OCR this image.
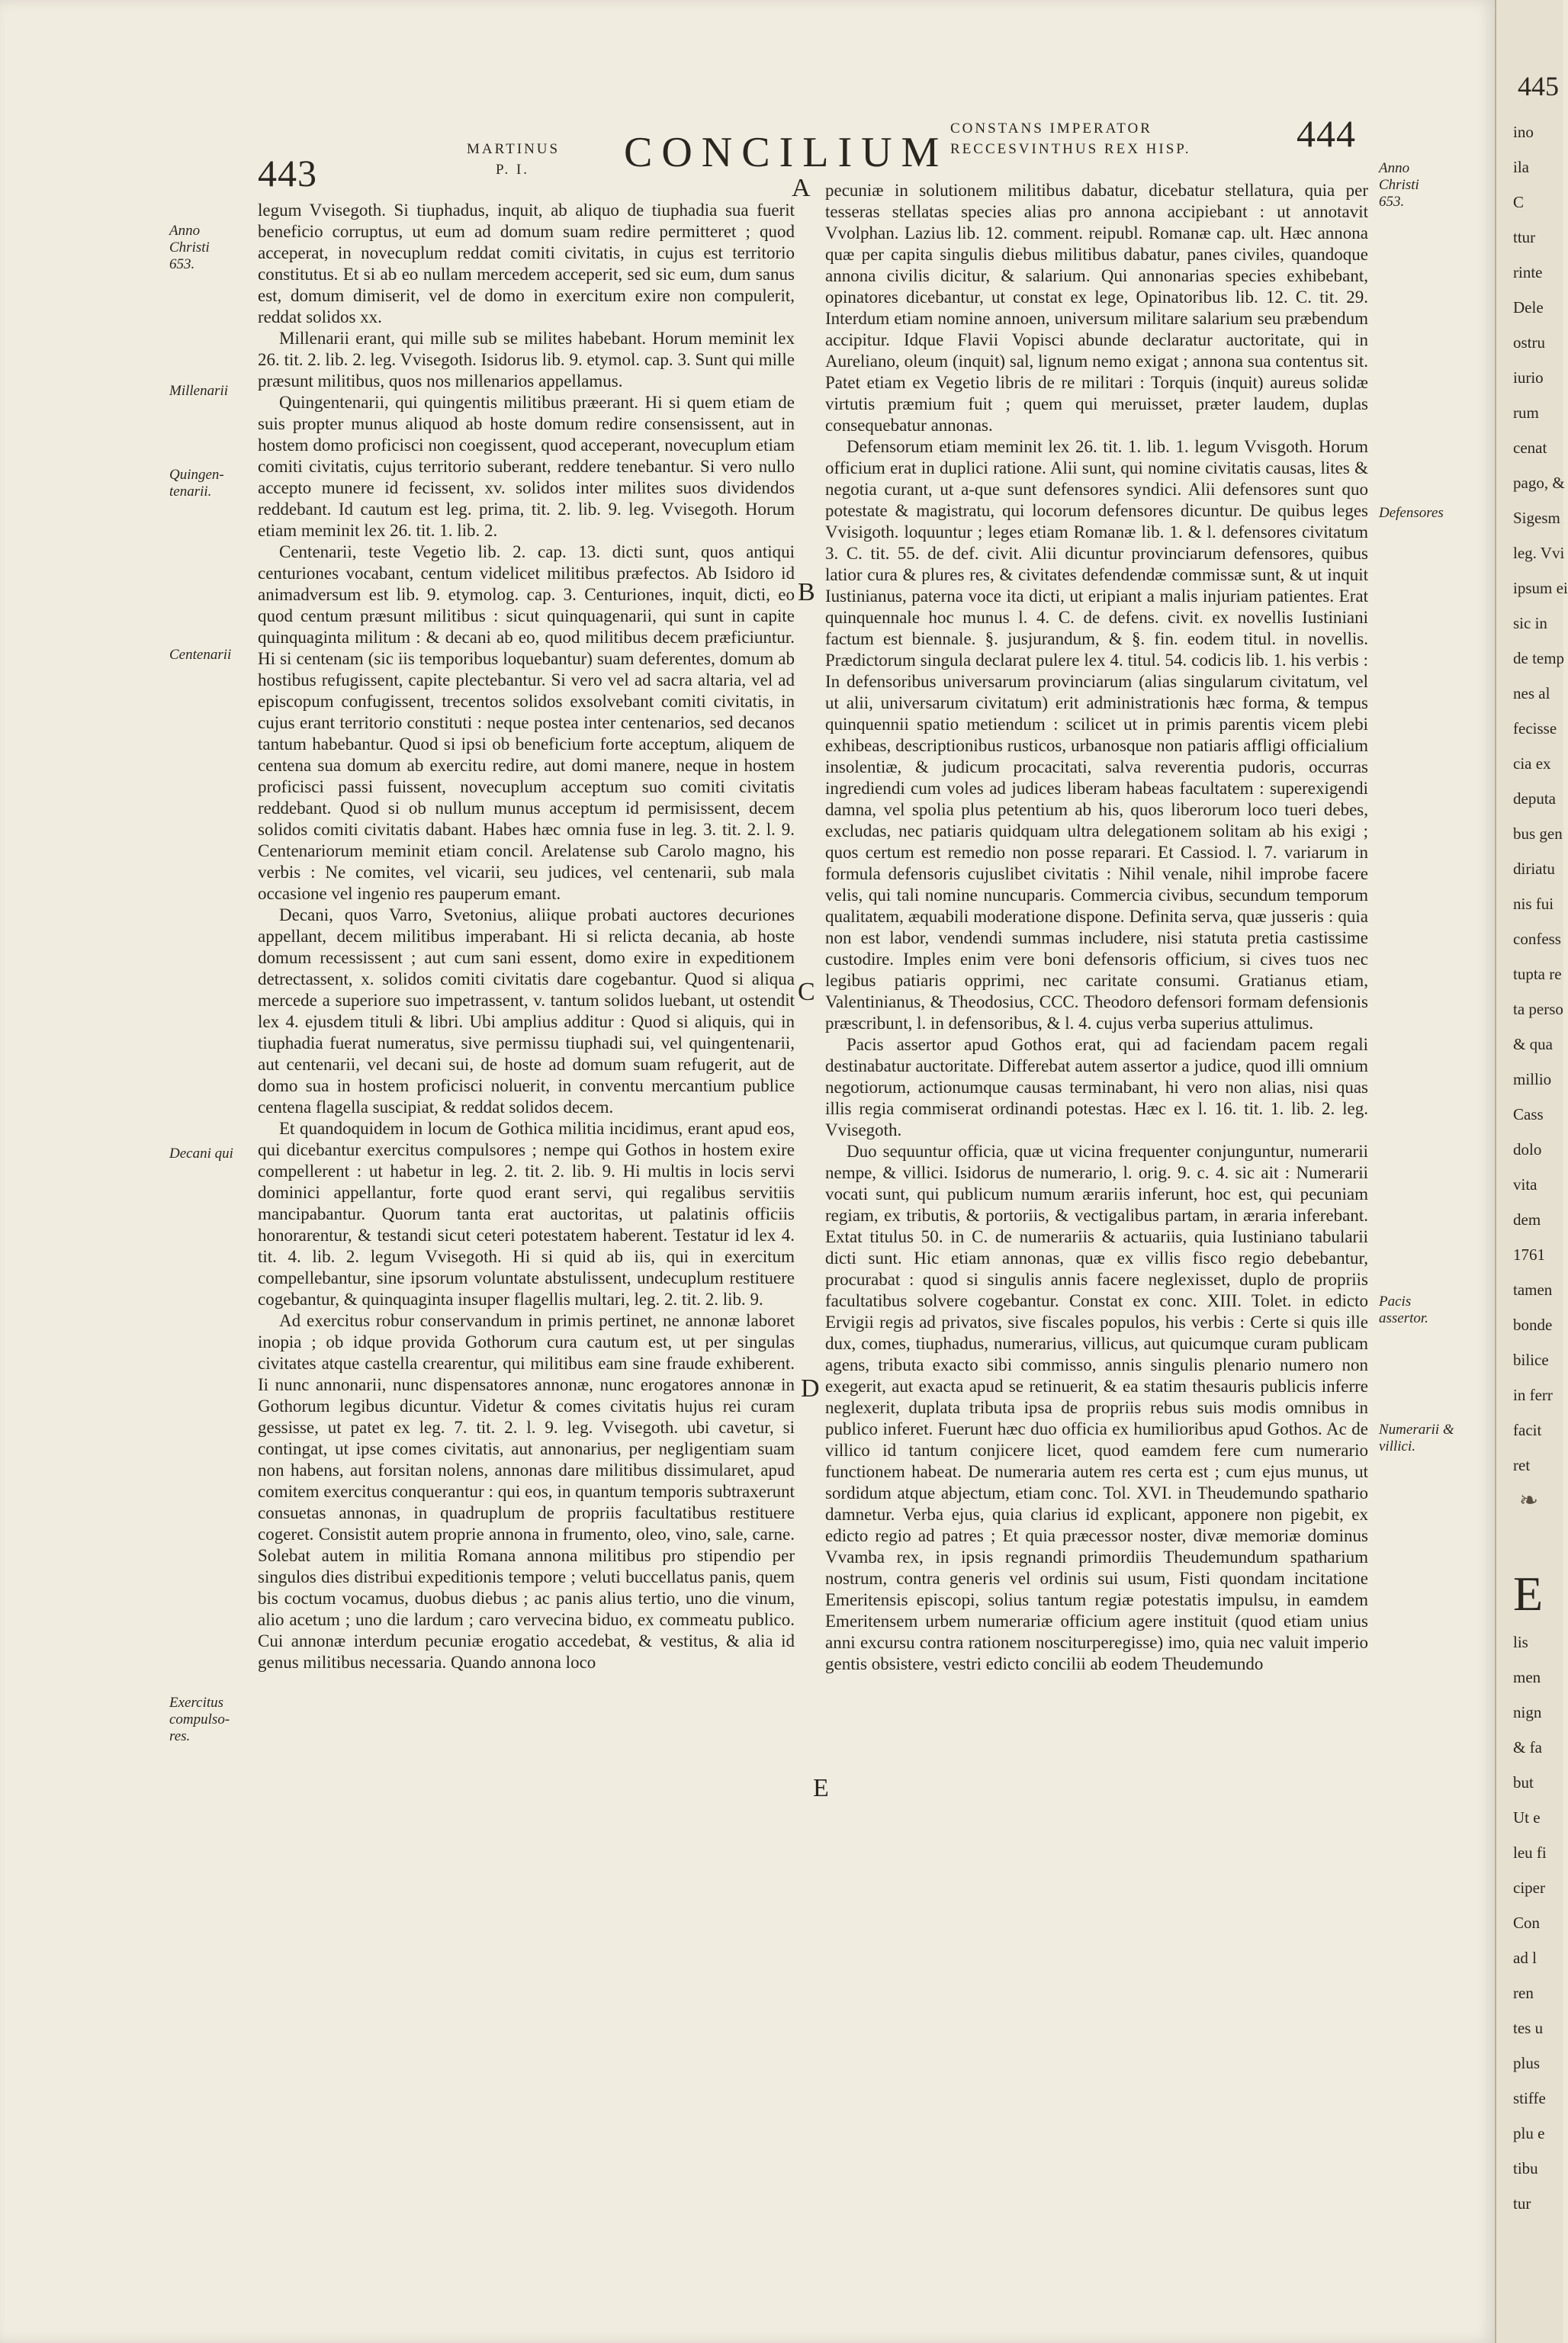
443
MARTINUS
P. I. CONCILIUM
CONSTANS IMPERATOR
RECCESVINTHUS REX HISP.	444
Anno Christi 653.
Millenarii
Quingen-tenarii.
Centenarii
Decani qui
Exercitus compulso-res.
Anno Christi 653.
Defensores
Pacis assertor.
Numerarii & villici.
A
B
C
D
E

legum Vvisegoth. Si tiuphadus, inquit, ab aliquo de tiuphadia sua fuerit beneficio corruptus, ut eum ad domum suam redire permitteret ; quod acceperat, in novecuplum reddat comiti civitatis, in cujus est territorio constitutus. Et si ab eo nullam mercedem acceperit, sed sic eum, dum sanus est, domum dimiserit, vel de domo in exercitum exire non compulerit, reddat solidos xx.

Millenarii erant, qui mille sub se milites habebant. Horum meminit lex 26. tit. 2. lib. 2. leg. Vvisegoth. Isidorus lib. 9. etymol. cap. 3. Sunt qui mille præsunt militibus, quos nos millenarios appellamus.

Quingentenarii, qui quingentis militibus præerant. Hi si quem etiam de suis propter munus aliquod ab hoste domum redire consensissent, aut in hostem domo proficisci non coegissent, quod acceperant, novecuplum etiam comiti civitatis, cujus territorio suberant, reddere tenebantur. Si vero nullo accepto munere id fecissent, xv. solidos inter milites suos dividendos reddebant. Id cautum est leg. prima, tit. 2. lib. 9. leg. Vvisegoth. Horum etiam meminit lex 26. tit. 1. lib. 2.

Centenarii, teste Vegetio lib. 2. cap. 13. dicti sunt, quos antiqui centuriones vocabant, centum videlicet militibus præfectos. Ab Isidoro id animadversum est lib. 9. etymolog. cap. 3. Centuriones, inquit, dicti, eo quod centum præsunt militibus : sicut quinquagenarii, qui sunt in capite quinquaginta militum : & decani ab eo, quod militibus decem præficiuntur. Hi si centenam (sic iis temporibus loquebantur) suam deferentes, domum ab hostibus refugissent, capite plectebantur. Si vero vel ad sacra altaria, vel ad episcopum confugissent, trecentos solidos exsolvebant comiti civitatis, in cujus erant territorio constituti : neque postea inter centenarios, sed decanos tantum habebantur. Quod si ipsi ob beneficium forte acceptum, aliquem de centena sua domum ab exercitu redire, aut domi manere, neque in hostem proficisci passi fuissent, novecuplum acceptum suo comiti civitatis reddebant. Quod si ob nullum munus acceptum id permisissent, decem solidos comiti civitatis dabant. Habes hæc omnia fuse in leg. 3. tit. 2. l. 9. Centenariorum meminit etiam concil. Arelatense sub Carolo magno, his verbis : Ne comites, vel vicarii, seu judices, vel centenarii, sub mala occasione vel ingenio res pauperum emant.

Decani, quos Varro, Svetonius, aliique probati auctores decuriones appellant, decem militibus imperabant. Hi si relicta decania, ab hoste domum recessissent ; aut cum sani essent, domo exire in expeditionem detrectassent, x. solidos comiti civitatis dare cogebantur. Quod si aliqua mercede a superiore suo impetrassent, v. tantum solidos luebant, ut ostendit lex 4. ejusdem tituli & libri. Ubi amplius additur : Quod si aliquis, qui in tiuphadia fuerat numeratus, sive permissu tiuphadi sui, vel quingentenarii, aut centenarii, vel decani sui, de hoste ad domum suam refugerit, aut de domo sua in hostem proficisci noluerit, in conventu mercantium publice centena flagella suscipiat, & reddat solidos decem.

Et quandoquidem in locum de Gothica militia incidimus, erant apud eos, qui dicebantur exercitus compulsores ; nempe qui Gothos in hostem exire compellerent : ut habetur in leg. 2. tit. 2. lib. 9. Hi multis in locis servi dominici appellantur, forte quod erant servi, qui regalibus servitiis mancipabantur. Quorum tanta erat auctoritas, ut palatinis officiis honorarentur, & testandi sicut ceteri potestatem haberent. Testatur id lex 4. tit. 4. lib. 2. legum Vvisegoth. Hi si quid ab iis, qui in exercitum compellebantur, sine ipsorum voluntate abstulissent, undecuplum restituere cogebantur, & quinquaginta insuper flagellis multari, leg. 2. tit. 2. lib. 9.

Ad exercitus robur conservandum in primis pertinet, ne annonæ laboret inopia ; ob idque provida Gothorum cura cautum est, ut per singulas civitates atque castella crearentur, qui militibus eam sine fraude exhiberent. Ii nunc annonarii, nunc dispensatores annonæ, nunc erogatores annonæ in Gothorum legibus dicuntur. Videtur & comes civitatis hujus rei curam gessisse, ut patet ex leg. 7. tit. 2. l. 9. leg. Vvisegoth. ubi cavetur, si contingat, ut ipse comes civitatis, aut annonarius, per negligentiam suam non habens, aut forsitan nolens, annonas dare militibus dissimularet, apud comitem exercitus conquerantur : qui eos, in quantum temporis subtraxerunt consuetas annonas, in quadruplum de propriis facultatibus restituere cogeret. Consistit autem proprie annona in frumento, oleo, vino, sale, carne. Solebat autem in militia Romana annona militibus pro stipendio per singulos dies distribui expeditionis tempore ; veluti buccellatus panis, quem bis coctum vocamus, duobus diebus ; ac panis alius tertio, uno die vinum, alio acetum ; uno die lardum ; caro vervecina biduo, ex commeatu publico. Cui annonæ interdum pecuniæ erogatio accedebat, & vestitus, & alia id genus militibus necessaria. Quando annona loco

pecuniæ in solutionem militibus dabatur, dicebatur stellatura, quia per tesseras stellatas species alias pro annona accipiebant : ut annotavit Vvolphan. Lazius lib. 12. comment. reipubl. Romanæ cap. ult. Hæc annona quæ per capita singulis diebus militibus dabatur, panes civiles, quandoque annona civilis dicitur, & salarium. Qui annonarias species exhibebant, opinatores dicebantur, ut constat ex lege, Opinatoribus lib. 12. C. tit. 29. Interdum etiam nomine annoen, universum militare salarium seu præbendum accipitur. Idque Flavii Vopisci abunde declaratur auctoritate, qui in Aureliano, oleum (inquit) sal, lignum nemo exigat ; annona sua contentus sit. Patet etiam ex Vegetio libris de re militari : Torquis (inquit) aureus solidæ virtutis præmium fuit ; quem qui meruisset, præter laudem, duplas consequebatur annonas.

Defensorum etiam meminit lex 26. tit. 1. lib. 1. legum Vvisgoth. Horum officium erat in duplici ratione. Alii sunt, qui nomine civitatis causas, lites & negotia curant, ut a-que sunt defensores syndici. Alii defensores sunt quo potestate & magistratu, qui locorum defensores dicuntur. De quibus leges Vvisigoth. loquuntur ; leges etiam Romanæ lib. 1. & l. defensores civitatum 3. C. tit. 55. de def. civit. Alii dicuntur provinciarum defensores, quibus latior cura & plures res, & civitates defendendæ commissæ sunt, & ut inquit Iustinianus, paterna voce ita dicti, ut eripiant a malis injuriam patientes. Erat quinquennale hoc munus l. 4. C. de defens. civit. ex novellis Iustiniani factum est biennale. §. jusjurandum, & §. fin. eodem titul. in novellis. Prædictorum singula declarat pulere lex 4. titul. 54. codicis lib. 1. his verbis : In defensoribus universarum provinciarum (alias singularum civitatum, vel ut alii, universarum civitatum) erit administrationis hæc forma, & tempus quinquennii spatio metiendum : scilicet ut in primis parentis vicem plebi exhibeas, descriptionibus rusticos, urbanosque non patiaris affligi officialium insolentiæ, & judicum procacitati, salva reverentia pudoris, occurras ingrediendi cum voles ad judices liberam habeas facultatem : superexigendi damna, vel spolia plus petentium ab his, quos liberorum loco tueri debes, excludas, nec patiaris quidquam ultra delegationem solitam ab his exigi ; quos certum est remedio non posse reparari. Et Cassiod. l. 7. variarum in formula defensoris cujuslibet civitatis : Nihil venale, nihil improbe facere velis, qui tali nomine nuncuparis. Commercia civibus, secundum temporum qualitatem, æquabili moderatione dispone. Definita serva, quæ jusseris : quia non est labor, vendendi summas includere, nisi statuta pretia castissime custodire. Imples enim vere boni defensoris officium, si cives tuos nec legibus patiaris opprimi, nec caritate consumi. Gratianus etiam, Valentinianus, & Theodosius, CCC. Theodoro defensori formam defensionis præscribunt, l. in defensoribus, & l. 4. cujus verba superius attulimus.

Pacis assertor apud Gothos erat, qui ad faciendam pacem regali destinabatur auctoritate. Differebat autem assertor a judice, quod illi omnium negotiorum, actionumque causas terminabant, hi vero non alias, nisi quas illis regia commiserat ordinandi potestas. Hæc ex l. 16. tit. 1. lib. 2. leg. Vvisegoth.

Duo sequuntur officia, quæ ut vicina frequenter conjunguntur, numerarii nempe, & villici. Isidorus de numerario, l. orig. 9. c. 4. sic ait : Numerarii vocati sunt, qui publicum numum ærariis inferunt, hoc est, qui pecuniam regiam, ex tributis, & portoriis, & vectigalibus partam, in æraria inferebant. Extat titulus 50. in C. de numerariis & actuariis, quia Iustiniano tabularii dicti sunt. Hic etiam annonas, quæ ex villis fisco regio debebantur, procurabat : quod si singulis annis facere neglexisset, duplo de propriis facultatibus solvere cogebantur. Constat ex conc. XIII. Tolet. in edicto Ervigii regis ad privatos, sive fiscales populos, his verbis : Certe si quis ille dux, comes, tiuphadus, numerarius, villicus, aut quicumque curam publicam agens, tributa exacto sibi commisso, annis singulis plenario numero non exegerit, aut exacta apud se retinuerit, & ea statim thesauris publicis inferre neglexerit, duplata tributa ipsa de propriis rebus suis modis omnibus in publico inferet. Fuerunt hæc duo officia ex humilioribus apud Gothos. Ac de villico id tantum conjicere licet, quod eamdem fere cum numerario functionem habeat. De numeraria autem res certa est ; cum ejus munus, ut sordidum atque abjectum, etiam conc. Tol. XVI. in Theudemundo spathario damnetur. Verba ejus, quia clarius id explicant, apponere non pigebit, ex edicto regio ad patres ; Et quia præcessor noster, divæ memoriæ dominus Vvamba rex, in ipsis regnandi primordiis Theudemundum spatharium nostrum, contra generis vel ordinis sui usum, Fisti quondam incitatione Emeritensis episcopi, solius tantum regiæ potestatis impulsu, in eamdem Emeritensem urbem numerariæ officium agere instituit (quod etiam unius anni excursu contra rationem nosciturperegisse) imo, quia nec valuit imperio gentis obsistere, vestri edicto concilii ab eodem Theudemundo

445
ino
ila
C
ttur
rinte
Dele
ostru
iurio
rum
cenat
pago, &
Sigesm
leg. Vvi
ipsum ei
sic in
de temp
nes al
fecisse
cia ex
deputa
bus gen
diriatu
nis fui
confess
tupta re
ta perso
& qua
millio
Cass
dolo
vita
dem
1761
tamen
bonde
bilice
in ferr
facit
ret
❧
E
lis
men
nign
& fa
but
Ut e
leu fi
ciper
Con
ad l
ren
tes u
plus
stiffe
plu e
tibu
tur
